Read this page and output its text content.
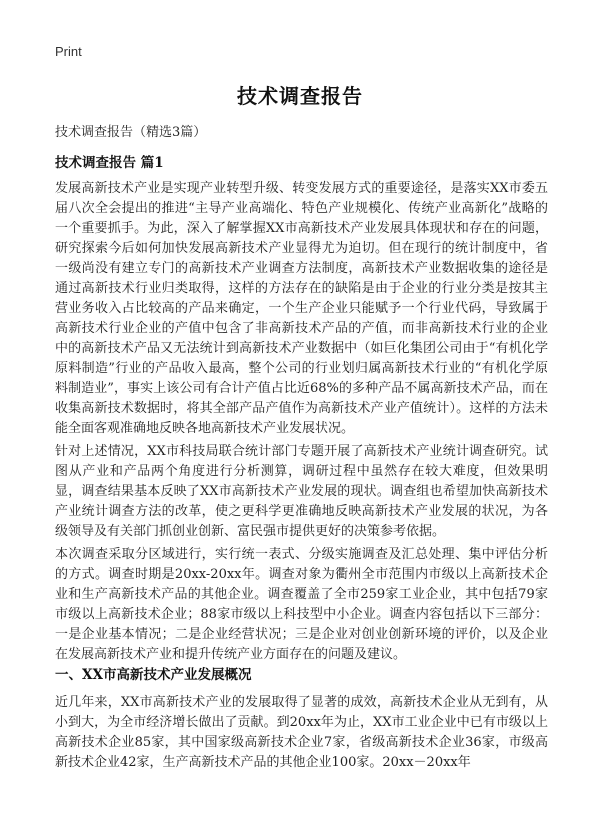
Print
技术调查报告
技术调查报告（精选3篇）
技术调查报告 篇1

发展高新技术产业是实现产业转型升级、转变发展方式的重要途径，是落实XX市委五届八次全会提出的推进“主导产业高端化、特色产业规模化、传统产业高新化”战略的一个重要抓手。为此，深入了解掌握XX市高新技术产业发展具体现状和存在的问题，研究探索今后如何加快发展高新技术产业显得尤为迫切。但在现行的统计制度中，省一级尚没有建立专门的高新技术产业调查方法制度，高新技术产业数据收集的途径是通过高新技术行业归类取得，这样的方法存在的缺陷是由于企业的行业分类是按其主营业务收入占比较高的产品来确定，一个生产企业只能赋予一个行业代码，导致属于高新技术行业企业的产值中包含了非高新技术产品的产值，而非高新技术行业的企业中的高新技术产品又无法统计到高新技术产业数据中（如巨化集团公司由于“有机化学原料制造”行业的产品收入最高，整个公司的行业划归属高新技术行业的“有机化学原料制造业”，事实上该公司有合计产值占比近68%的多种产品不属高新技术产品，而在收集高新技术数据时，将其全部产品产值作为高新技术产业产值统计）。这样的方法未能全面客观准确地反映各地高新技术产业发展状况。

针对上述情况，XX市科技局联合统计部门专题开展了高新技术产业统计调查研究。试图从产业和产品两个角度进行分析测算，调研过程中虽然存在较大难度，但效果明显，调查结果基本反映了XX市高新技术产业发展的现状。调查组也希望加快高新技术产业统计调查方法的改革，使之更科学更准确地反映高新技术产业发展的状况，为各级领导及有关部门抓创业创新、富民强市提供更好的决策参考依据。

本次调查采取分区域进行，实行统一表式、分级实施调查及汇总处理、集中评估分析的方式。调查时期是20xx-20xx年。调查对象为衢州全市范围内市级以上高新技术企业和生产高新技术产品的其他企业。调查覆盖了全市259家工业企业，其中包括79家市级以上高新技术企业；88家市级以上科技型中小企业。调查内容包括以下三部分：一是企业基本情况；二是企业经营状况；三是企业对创业创新环境的评价，以及企业在发展高新技术产业和提升传统产业方面存在的问题及建议。

一、XX市高新技术产业发展概况

近几年来，XX市高新技术产业的发展取得了显著的成效，高新技术企业从无到有，从小到大，为全市经济增长做出了贡献。到20xx年为止，XX市工业企业中已有市级以上高新技术企业85家，其中国家级高新技术企业7家，省级高新技术企业36家，市级高新技术企业42家，生产高新技术产品的其他企业100家。20xx－20xx年
